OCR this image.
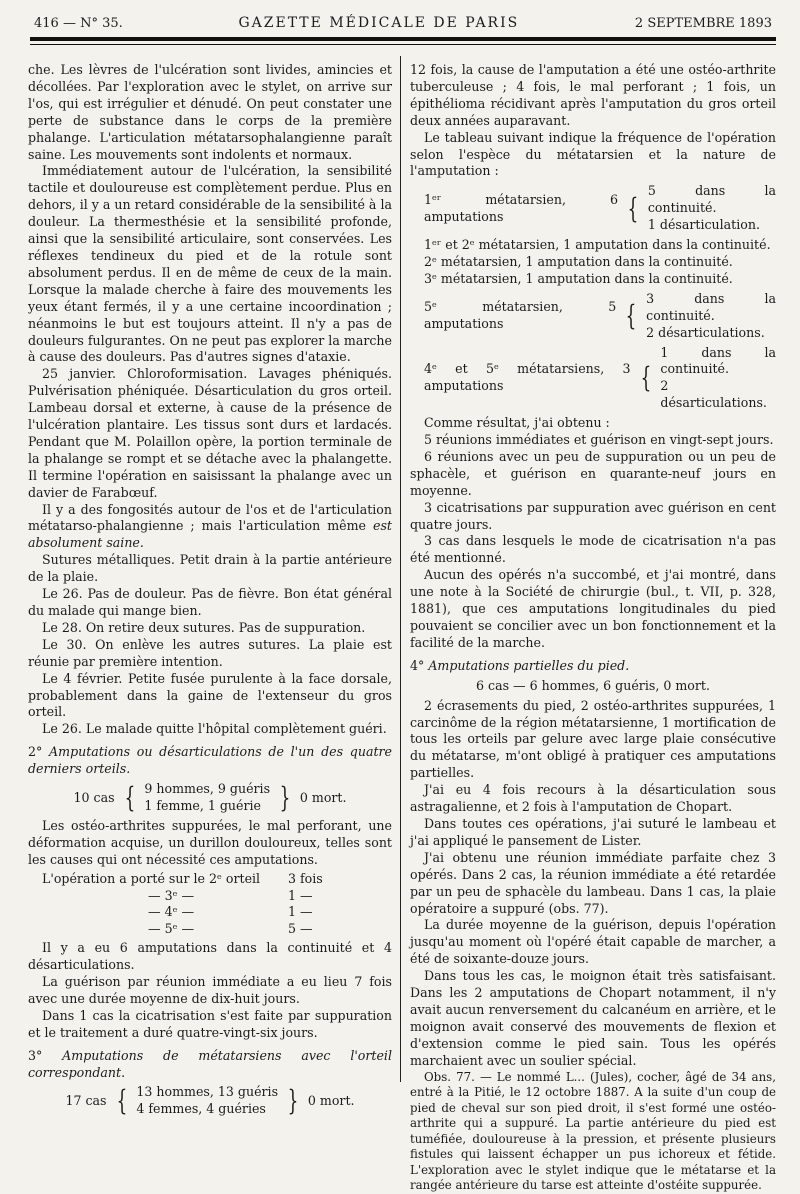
416 — N° 35.	GAZETTE MÉDICALE DE PARIS	2 SEPTEMBRE 1893

che. Les lèvres de l'ulcération sont livides, amincies et décollées. Par l'exploration avec le stylet, on arrive sur l'os, qui est irrégulier et dénudé. On peut constater une perte de substance dans le corps de la première phalange. L'articulation métatarsophalangienne paraît saine. Les mouvements sont indolents et normaux.

Immédiatement autour de l'ulcération, la sensibilité tactile et douloureuse est complètement perdue. Plus en dehors, il y a un retard considérable de la sensibilité à la douleur. La thermesthésie et la sensibilité profonde, ainsi que la sensibilité articulaire, sont conservées. Les réflexes tendineux du pied et de la rotule sont absolument perdus. Il en de même de ceux de la main. Lorsque la malade cherche à faire des mouvements les yeux étant fermés, il y a une certaine incoordination ; néanmoins le but est toujours atteint. Il n'y a pas de douleurs fulgurantes. On ne peut pas explorer la marche à cause des douleurs. Pas d'autres signes d'ataxie.

25 janvier. Chloroformisation. Lavages phéniqués. Pulvérisation phéniquée. Désarticulation du gros orteil. Lambeau dorsal et externe, à cause de la présence de l'ulcération plantaire. Les tissus sont durs et lardacés. Pendant que M. Polaillon opère, la portion terminale de la phalange se rompt et se détache avec la phalangette. Il termine l'opération en saisissant la phalange avec un davier de Farabœuf.

Il y a des fongosités autour de l'os et de l'articulation métatarso-phalangienne ; mais l'articulation même est absolument saine.

Sutures métalliques. Petit drain à la partie antérieure de la plaie.

Le 26. Pas de douleur. Pas de fièvre. Bon état général du malade qui mange bien.

Le 28. On retire deux sutures. Pas de suppuration.

Le 30. On enlève les autres sutures. La plaie est réunie par première intention.

Le 4 février. Petite fusée purulente à la face dorsale, probablement dans la gaine de l'extenseur du gros orteil.

Le 26. Le malade quitte l'hôpital complètement guéri.

2° Amputations ou désarticulations de l'un des quatre derniers orteils.
10 cas { 9 hommes, 9 guéris
1 femme, 1 guérie } 0 mort.

Les ostéo-arthrites suppurées, le mal perforant, une déformation acquise, un durillon douloureux, telles sont les causes qui ont nécessité ces amputations.

L'opération a porté sur le 2ᵉ orteil	3 fois
— 3ᵉ —	1 —
— 4ᵉ —	1 —
— 5ᵉ —	5 —

Il y a eu 6 amputations dans la continuité et 4 désarticulations.

La guérison par réunion immédiate a eu lieu 7 fois avec une durée moyenne de dix-huit jours.

Dans 1 cas la cicatrisation s'est faite par suppuration et le traitement a duré quatre-vingt-six jours.

3° Amputations de métatarsiens avec l'orteil correspondant.
17 cas { 13 hommes, 13 guéris
4 femmes, 4 guéries } 0 mort.

12 fois, la cause de l'amputation a été une ostéo-arthrite tuberculeuse ; 4 fois, le mal perforant ; 1 fois, un épithélioma récidivant après l'amputation du gros orteil deux années auparavant.

Le tableau suivant indique la fréquence de l'opération selon l'espèce du métatarsien et la nature de l'amputation :

1ᵉʳ métatarsien, 6 amputations	{
5 dans la continuité.
1 désarticulation.

1ᵉʳ et 2ᵉ métatarsien, 1 amputation dans la continuité.

2ᵉ métatarsien, 1 amputation dans la continuité.

3ᵉ métatarsien, 1 amputation dans la continuité.

5ᵉ métatarsien, 5 amputations	{
3 dans la continuité.
2 désarticulations.
4ᵉ et 5ᵉ métatarsiens, 3 amputations	{
1 dans la continuité.
2 désarticulations.

Comme résultat, j'ai obtenu :

5 réunions immédiates et guérison en vingt-sept jours.

6 réunions avec un peu de suppuration ou un peu de sphacèle, et guérison en quarante-neuf jours en moyenne.

3 cicatrisations par suppuration avec guérison en cent quatre jours.

3 cas dans lesquels le mode de cicatrisation n'a pas été mentionné.

Aucun des opérés n'a succombé, et j'ai montré, dans une note à la Société de chirurgie (bul., t. VII, p. 328, 1881), que ces amputations longitudinales du pied pouvaient se concilier avec un bon fonctionnement et la facilité de la marche.

4° Amputations partielles du pied.

6 cas — 6 hommes, 6 guéris, 0 mort.

2 écrasements du pied, 2 ostéo-arthrites suppurées, 1 carcinôme de la région métatarsienne, 1 mortification de tous les orteils par gelure avec large plaie consécutive du métatarse, m'ont obligé à pratiquer ces amputations partielles.

J'ai eu 4 fois recours à la désarticulation sous astragalienne, et 2 fois à l'amputation de Chopart.

Dans toutes ces opérations, j'ai suturé le lambeau et j'ai appliqué le pansement de Lister.

J'ai obtenu une réunion immédiate parfaite chez 3 opérés. Dans 2 cas, la réunion immédiate a été retardée par un peu de sphacèle du lambeau. Dans 1 cas, la plaie opératoire a suppuré (obs. 77).

La durée moyenne de la guérison, depuis l'opération jusqu'au moment où l'opéré était capable de marcher, a été de soixante-douze jours.

Dans tous les cas, le moignon était très satisfaisant. Dans les 2 amputations de Chopart notamment, il n'y avait aucun renversement du calcanéum en arrière, et le moignon avait conservé des mouvements de flexion et d'extension comme le pied sain. Tous les opérés marchaient avec un soulier spécial.

Obs. 77. — Le nommé L... (Jules), cocher, âgé de 34 ans, entré à la Pitié, le 12 octobre 1887. A la suite d'un coup de pied de cheval sur son pied droit, il s'est formé une ostéo-arthrite qui a suppuré. La partie antérieure du pied est tuméfiée, douloureuse à la pression, et présente plusieurs fistules qui laissent échapper un pus ichoreux et fétide. L'exploration avec le stylet indique que le métatarse et la rangée antérieure du tarse est atteinte d'ostéite suppurée.
